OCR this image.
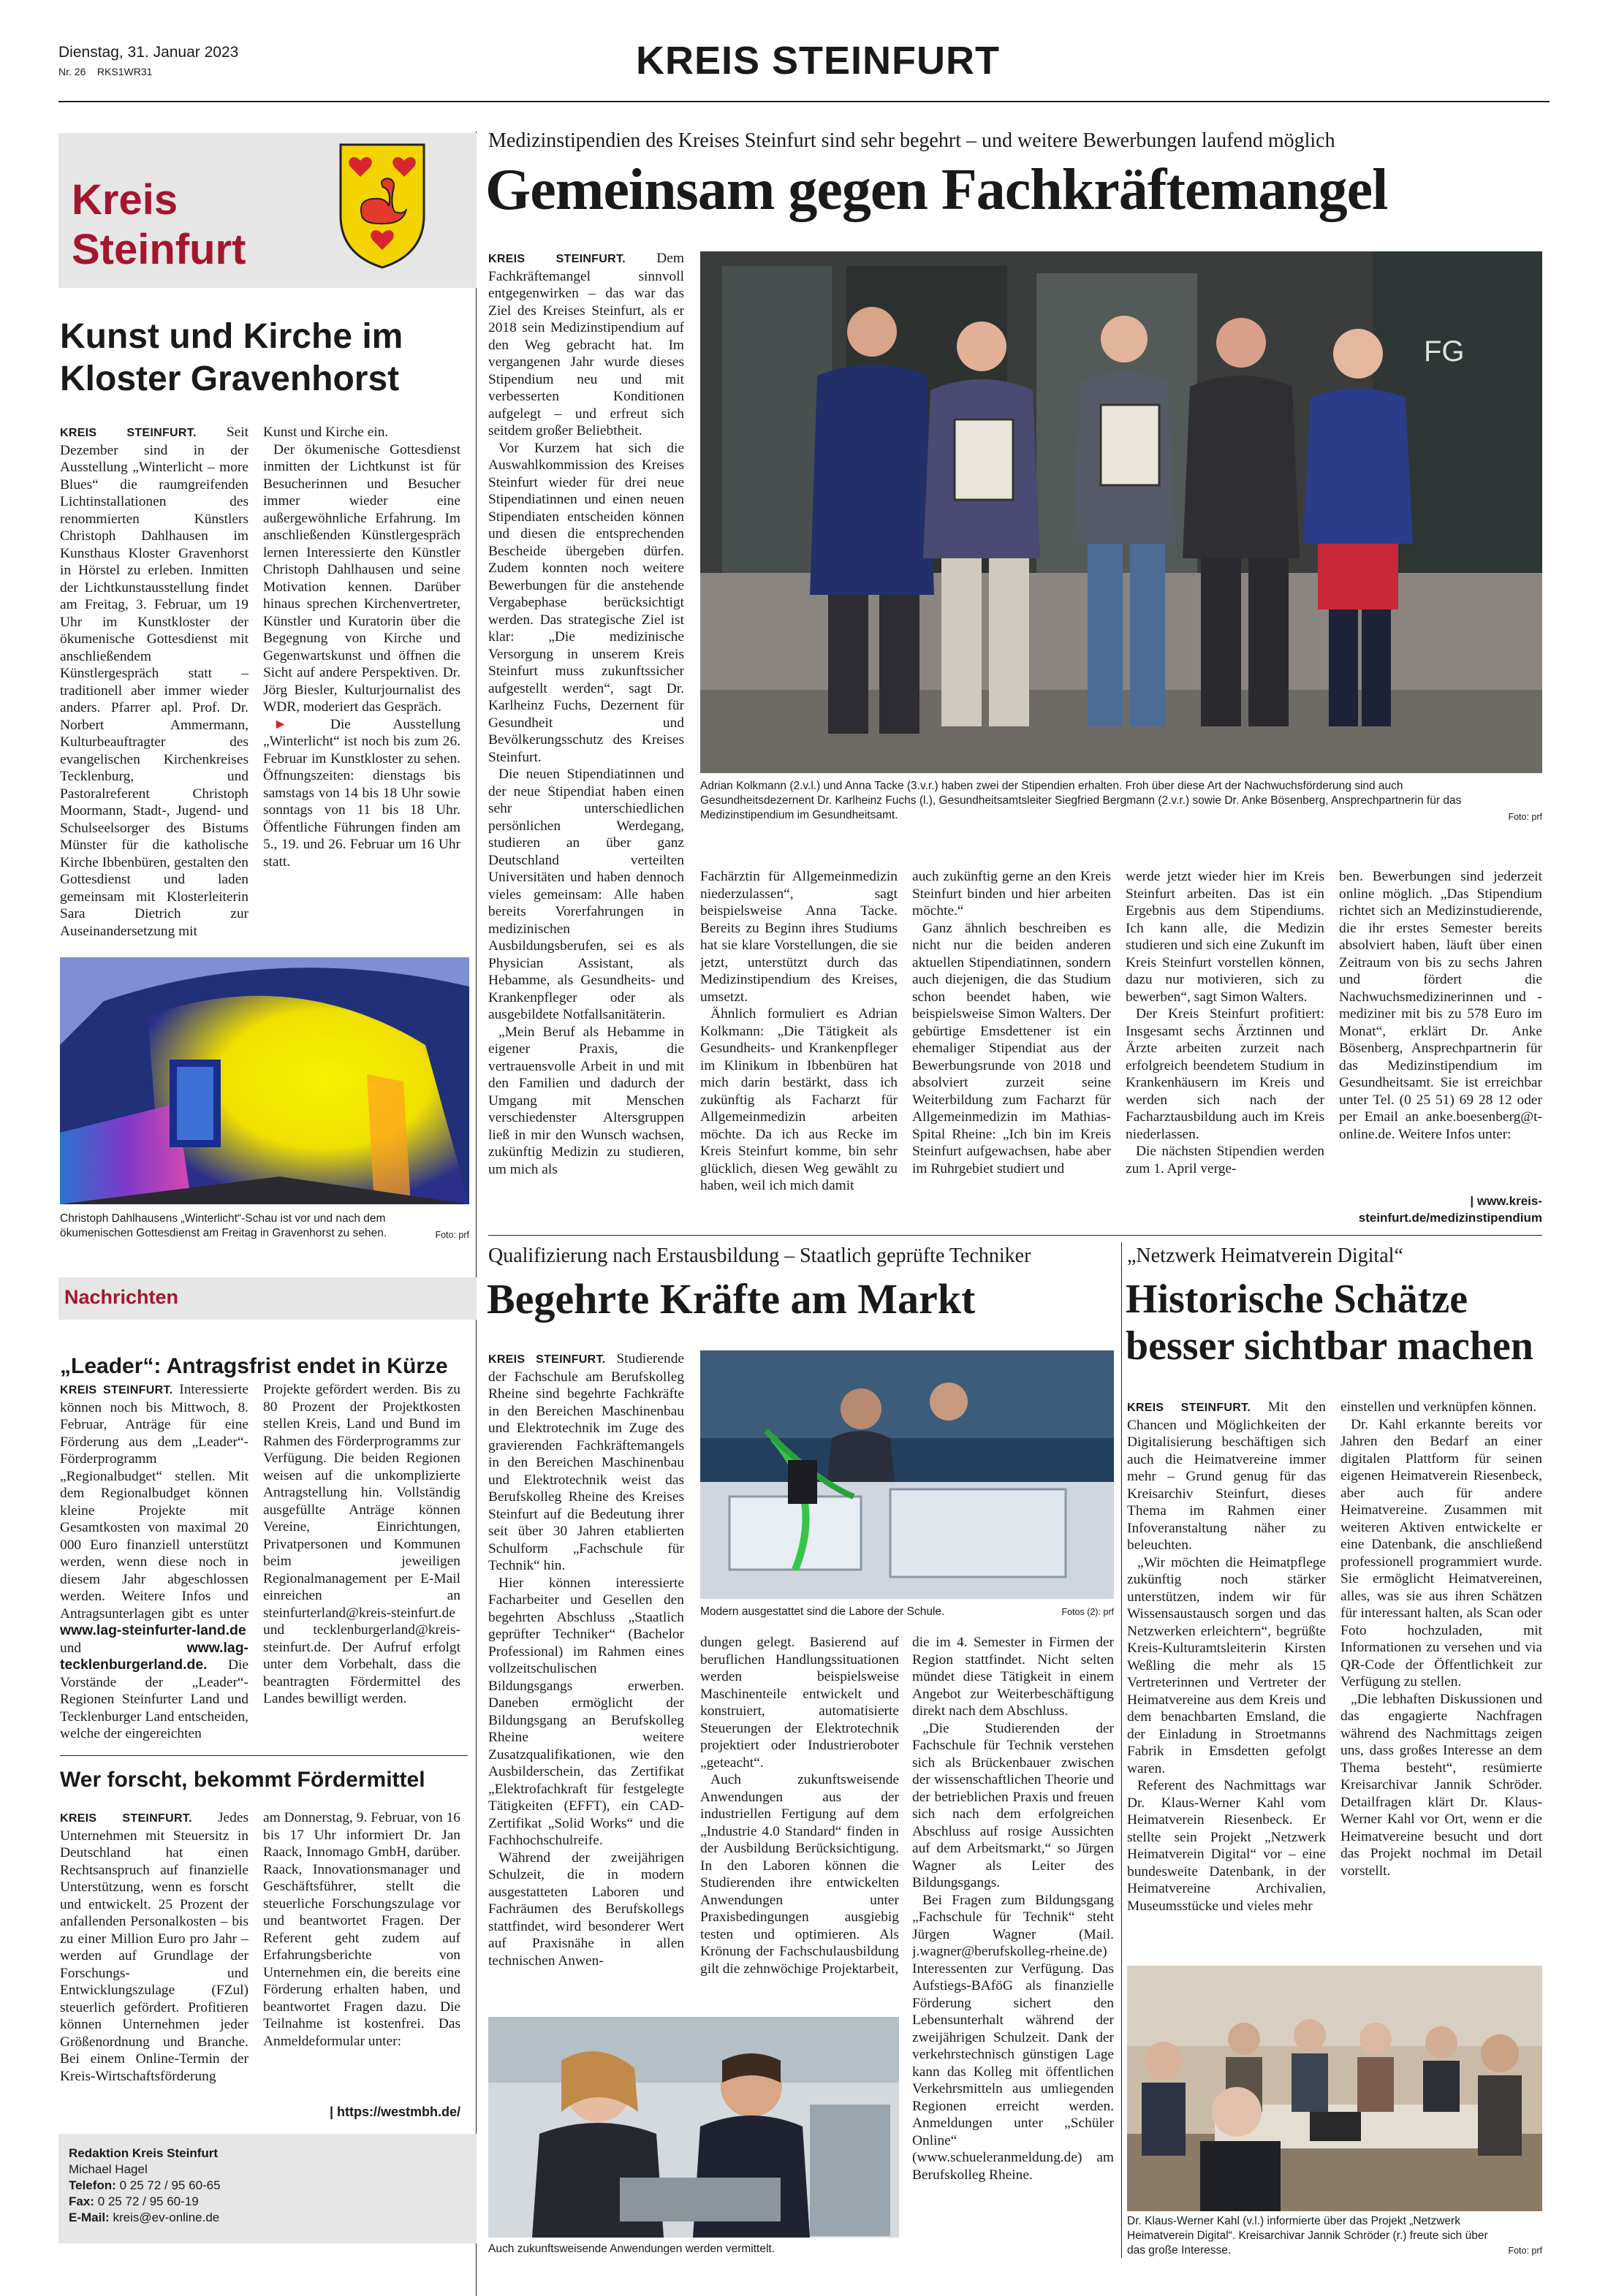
Dienstag, 31. Januar 2023
Nr. 26 RKS1WR31	KREIS STEINFURT
Kreis
Steinfurt
Kunst und Kirche im
Kloster Gravenhorst

KREIS STEINFURT. Seit Dezember sind in der Ausstellung „Winterlicht – more Blues“ die raumgreifenden Lichtinstallationen des renommierten Künstlers Christoph Dahlhausen im Kunsthaus Kloster Gravenhorst in Hörstel zu erleben. Inmitten der Lichtkunstausstellung findet am Freitag, 3. Februar, um 19 Uhr im Kunstkloster der ökumenische Gottesdienst mit anschließendem Künstlergespräch statt – traditionell aber immer wieder anders. Pfarrer apl. Prof. Dr. Norbert Ammermann, Kulturbeauftragter des evangelischen Kirchenkreises Tecklenburg, und Pastoralreferent Christoph Moormann, Stadt-, Jugend- und Schulseelsorger des Bistums Münster für die katholische Kirche Ibbenbüren, gestalten den Gottesdienst und laden gemeinsam mit Klosterleiterin Sara Dietrich zur Auseinandersetzung mit

Kunst und Kirche ein.

Der ökumenische Gottesdienst inmitten der Lichtkunst ist für Besucherinnen und Besucher immer wieder eine außergewöhnliche Erfahrung. Im anschließenden Künstlergespräch lernen Interessierte den Künstler Christoph Dahlhausen und seine Motivation kennen. Darüber hinaus sprechen Kirchenvertreter, Künstler und Kuratorin über die Begegnung von Kirche und Gegenwartskunst und öffnen die Sicht auf andere Perspektiven. Dr. Jörg Biesler, Kulturjournalist des WDR, moderiert das Gespräch.

►	Die Ausstellung „Winterlicht“ ist noch bis zum 26. Februar im Kunstkloster zu sehen. Öffnungszeiten: dienstags bis samstags von 14 bis 18 Uhr sowie sonntags von 11 bis 18 Uhr. Öffentliche Führungen finden am 5., 19. und 26. Februar um 16 Uhr statt.

Foto: prf
Christoph Dahlhausens „Winterlicht“-Schau ist vor und nach dem ökumenischen Gottesdienst am Freitag in Gravenhorst zu sehen.
Nachrichten
„Leader“: Antragsfrist endet in Kürze

KREIS STEINFURT. Interessierte können noch bis Mittwoch, 8. Februar, Anträge für eine Förderung aus dem „Leader“-Förderprogramm „Regionalbudget“ stellen. Mit dem Regionalbudget können kleine Projekte mit Gesamtkosten von maximal 20 000 Euro finanziell unterstützt werden, wenn diese noch in diesem Jahr abgeschlossen werden. Weitere Infos und Antragsunterlagen gibt es unter www.lag-steinfurter-land.de und	www.lag-tecklenburgerland.de. Die Vorstände der „Leader“-Regionen Steinfurter Land und Tecklenburger Land entscheiden, welche der eingereichten

Projekte gefördert werden. Bis zu 80 Prozent der Projektkosten stellen Kreis, Land und Bund im Rahmen des Förderprogramms zur Verfügung. Die beiden Regionen weisen auf die unkomplizierte Antragstellung hin. Vollständig ausgefüllte Anträge können Vereine, Einrichtungen, Privatpersonen und Kommunen beim jeweiligen Regionalmanagement per E-Mail einreichen an steinfurterland@kreis-steinfurt.de und tecklenburgerland@kreis-steinfurt.de. Der Aufruf erfolgt unter dem Vorbehalt, dass die beantragten Fördermittel des Landes bewilligt werden.

Wer forscht, bekommt Fördermittel

KREIS STEINFURT. Jedes Unternehmen mit Steuersitz in Deutschland hat einen Rechtsanspruch auf finanzielle Unterstützung, wenn es forscht und entwickelt. 25 Prozent der anfallenden Personalkosten – bis zu einer Million Euro pro Jahr – werden auf Grundlage der Forschungs- und Entwicklungszulage (FZul) steuerlich gefördert. Profitieren können Unternehmen jeder Größenordnung und Branche. Bei einem Online-Termin der Kreis-Wirtschaftsförderung

am Donnerstag, 9. Februar, von 16 bis 17 Uhr informiert Dr. Jan Raack, Innomago GmbH, darüber. Raack, Innovationsmanager und Geschäftsführer, stellt die steuerliche Forschungszulage vor und beantwortet Fragen. Der Referent geht zudem auf Erfahrungsberichte von Unternehmen ein, die bereits eine Förderung erhalten haben, und beantwortet Fragen dazu. Die Teilnahme ist kostenfrei. Das Anmeldeformular unter:

| https://westmbh.de/
Redaktion Kreis Steinfurt
Michael Hagel
Telefon: 0 25 72 / 95 60-65
Fax: 0 25 72 / 95 60-19
E-Mail: kreis@ev-online.de
Medizinstipendien des Kreises Steinfurt sind sehr begehrt – und weitere Bewerbungen laufend möglich
Gemeinsam gegen Fachkräftemangel

KREIS STEINFURT. Dem Fachkräftemangel sinnvoll entgegenwirken – das war das Ziel des Kreises Steinfurt, als er 2018 sein Medizinstipendium auf den Weg gebracht hat. Im vergangenen Jahr wurde dieses Stipendium neu und mit verbesserten Konditionen aufgelegt – und erfreut sich seitdem großer Beliebtheit.

Vor Kurzem hat sich die Auswahlkommission des Kreises Steinfurt wieder für drei neue Stipendiatinnen und einen neuen Stipendiaten entscheiden können und diesen die entsprechenden Bescheide übergeben dürfen. Zudem konnten noch weitere Bewerbungen für die anstehende Vergabephase berücksichtigt werden. Das strategische Ziel ist klar: „Die medizinische Versorgung in unserem Kreis Steinfurt muss zukunftssicher aufgestellt werden“, sagt Dr. Karlheinz Fuchs, Dezernent für Gesundheit und Bevölkerungsschutz des Kreises Steinfurt.

Die neuen Stipendiatinnen und der neue Stipendiat haben einen sehr unterschiedlichen persönlichen Werdegang, studieren an über ganz Deutschland verteilten Universitäten und haben dennoch vieles gemeinsam: Alle haben bereits Vorerfahrungen in medizinischen Ausbildungsberufen, sei es als Physician Assistant, als Hebamme, als Gesundheits- und Krankenpfleger oder als ausgebildete Notfallsanitäterin.

„Mein Beruf als Hebamme in eigener Praxis, die vertrauensvolle Arbeit in und mit den Familien und dadurch der Umgang mit Menschen verschiedenster Altersgruppen ließ in mir den Wunsch wachsen, zukünftig Medizin zu studieren, um mich als

FG
Foto: prf
Adrian Kolkmann (2.v.l.) und Anna Tacke (3.v.r.) haben zwei der Stipendien erhalten. Froh über diese Art der Nachwuchsförderung sind auch Gesundheitsdezernent Dr. Karlheinz Fuchs (l.), Gesundheitsamtsleiter Siegfried Bergmann (2.v.r.) sowie Dr. Anke Bösenberg, Ansprechpartnerin für das Medizinstipendium im Gesundheitsamt.

Fachärztin für Allgemeinmedizin niederzulassen“, sagt beispielsweise Anna Tacke. Bereits zu Beginn ihres Studiums hat sie klare Vorstellungen, die sie jetzt, unterstützt durch das Medizinstipendium des Kreises, umsetzt.

Ähnlich formuliert es Adrian Kolkmann: „Die Tätigkeit als Gesundheits- und Krankenpfleger im Klinikum in Ibbenbüren hat mich darin bestärkt, dass ich zukünftig als Facharzt für Allgemeinmedizin arbeiten möchte. Da ich aus Recke im Kreis Steinfurt komme, bin sehr glücklich, diesen Weg gewählt zu haben, weil ich mich damit

auch zukünftig gerne an den Kreis Steinfurt binden und hier arbeiten möchte.“

Ganz ähnlich beschreiben es nicht nur die beiden anderen aktuellen Stipendiatinnen, sondern auch diejenigen, die das Studium schon beendet haben, wie beispielsweise Simon Walters. Der gebürtige Emsdettener ist ein ehemaliger Stipendiat aus der Bewerbungsrunde von 2018 und absolviert zurzeit seine Weiterbildung zum Facharzt für Allgemeinmedizin im Mathias-Spital Rheine: „Ich bin im Kreis Steinfurt aufgewachsen, habe aber im Ruhrgebiet studiert und

werde jetzt wieder hier im Kreis Steinfurt arbeiten. Das ist ein Ergebnis aus dem Stipendiums. Ich kann alle, die Medizin studieren und sich eine Zukunft im Kreis Steinfurt vorstellen können, dazu nur motivieren, sich zu bewerben“, sagt Simon Walters.

Der Kreis Steinfurt profitiert: Insgesamt sechs Ärztinnen und Ärzte arbeiten zurzeit nach erfolgreich beendetem Studium in Krankenhäusern im Kreis und werden sich nach der Facharztausbildung auch im Kreis niederlassen.

Die nächsten Stipendien werden zum 1. April verge-

ben. Bewerbungen sind jederzeit online möglich. „Das Stipendium richtet sich an Medizinstudierende, die ihr erstes Semester bereits absolviert haben, läuft über einen Zeitraum von bis zu sechs Jahren und fördert die Nachwuchsmedizinerinnen und -mediziner mit bis zu 578 Euro im Monat“, erklärt Dr. Anke Bösenberg, Ansprechpartnerin für das Medizinstipendium im Gesundheitsamt. Sie ist erreichbar unter Tel. (0 25 51) 69 28 12 oder per Email an anke.boesenberg@t-online.de. Weitere Infos unter:

| www.kreis-
steinfurt.de/medizinstipendium
Qualifizierung nach Erstausbildung – Staatlich geprüfte Techniker
Begehrte Kräfte am Markt

KREIS STEINFURT. Studierende der Fachschule am Berufskolleg Rheine sind begehrte Fachkräfte in den Bereichen Maschinenbau und Elektrotechnik im Zuge des gravierenden Fachkräftemangels in den Bereichen Maschinenbau und Elektrotechnik weist das Berufskolleg Rheine des Kreises Steinfurt auf die Bedeutung ihrer seit über 30 Jahren etablierten Schulform „Fachschule für Technik“ hin.

Hier können interessierte Facharbeiter und Gesellen den begehrten Abschluss „Staatlich geprüfter Techniker“ (Bachelor Professional) im Rahmen eines vollzeitschulischen Bildungsgangs erwerben. Daneben ermöglicht der Bildungsgang an Berufskolleg Rheine weitere Zusatzqualifikationen, wie den Ausbilderschein, das Zertifikat „Elektrofachkraft für festgelegte Tätigkeiten (EFFT), ein CAD-Zertifikat „Solid Works“ und die Fachhochschulreife.

Während der zweijährigen Schulzeit, die in modern ausgestatteten Laboren und Fachräumen des Berufskollegs stattfindet, wird besonderer Wert auf Praxisnähe in allen technischen Anwen-

Fotos (2): prf
Modern ausgestattet sind die Labore der Schule.

dungen gelegt. Basierend auf beruflichen Handlungssituationen werden beispielsweise Maschinenteile entwickelt und konstruiert, automatisierte Steuerungen der Elektrotechnik projektiert oder Industrieroboter „geteacht“.

Auch zukunftsweisende Anwendungen aus der industriellen Fertigung auf dem „Industrie 4.0 Standard“ finden in der Ausbildung Berücksichtigung. In den Laboren können die Studierenden ihre entwickelten Anwendungen unter Praxisbedingungen ausgiebig testen und optimieren. Als Krönung der Fachschulausbildung gilt die zehnwöchige Projektarbeit,

die im 4. Semester in Firmen der Region stattfindet. Nicht selten mündet diese Tätigkeit in einem Angebot zur Weiterbeschäftigung direkt nach dem Abschluss.

„Die Studierenden der Fachschule für Technik verstehen sich als Brückenbauer zwischen der wissenschaftlichen Theorie und der betrieblichen Praxis und freuen sich nach dem erfolgreichen Abschluss auf rosige Aussichten auf dem Arbeitsmarkt,“ so Jürgen Wagner als Leiter des Bildungsgangs.

Bei Fragen zum Bildungsgang „Fachschule für Technik“ steht Jürgen Wagner (Mail. j.wagner@berufskolleg-rheine.de) Interessenten zur Verfügung. Das Aufstiegs-BAföG als finanzielle Förderung sichert den Lebensunterhalt während der zweijährigen Schulzeit. Dank der verkehrstechnisch günstigen Lage kann das Kolleg mit öffentlichen Verkehrsmitteln aus umliegenden Regionen erreicht werden. Anmeldungen unter „Schüler Online“ (www.schueleranmeldung.de) am Berufskolleg Rheine.

Auch zukunftsweisende Anwendungen werden vermittelt.
„Netzwerk Heimatverein Digital“
Historische Schätze
besser sichtbar machen

KREIS STEINFURT. Mit den Chancen und Möglichkeiten der Digitalisierung beschäftigen sich auch die Heimatvereine immer mehr – Grund genug für das Kreisarchiv Steinfurt, dieses Thema im Rahmen einer Infoveranstaltung näher zu beleuchten.

„Wir möchten die Heimatpflege zukünftig noch stärker unterstützen, indem wir für Wissensaustausch sorgen und das Netzwerken erleichtern“, begrüßte Kreis-Kulturamtsleiterin Kirsten Weßling die mehr als 15 Vertreterinnen und Vertreter der Heimatvereine aus dem Kreis und dem benachbarten Emsland, die der Einladung in Stroetmanns Fabrik in Emsdetten gefolgt waren.

Referent des Nachmittags war Dr. Klaus-Werner Kahl vom Heimatverein Riesenbeck. Er stellte sein Projekt „Netzwerk Heimatverein Digital“ vor – eine bundesweite Datenbank, in der Heimatvereine Archivalien, Museumsstücke und vieles mehr

einstellen und verknüpfen können.

Dr. Kahl erkannte bereits vor Jahren den Bedarf an einer digitalen Plattform für seinen eigenen Heimatverein Riesenbeck, aber auch für andere Heimatvereine. Zusammen mit weiteren Aktiven entwickelte er eine Datenbank, die anschließend professionell programmiert wurde. Sie ermöglicht Heimatvereinen, alles, was sie aus ihren Schätzen für interessant halten, als Scan oder Foto hochzuladen, mit Informationen zu versehen und via QR-Code der Öffentlichkeit zur Verfügung zu stellen.

„Die lebhaften Diskussionen und das engagierte Nachfragen während des Nachmittags zeigen uns, dass großes Interesse an dem Thema besteht“, resümierte Kreisarchivar Jannik Schröder. Detailfragen klärt Dr. Klaus-Werner Kahl vor Ort, wenn er die Heimatvereine besucht und dort das Projekt nochmal im Detail vorstellt.

Foto: prf
Dr. Klaus-Werner Kahl (v.l.) informierte über das Projekt „Netzwerk Heimatverein Digital“. Kreisarchivar Jannik Schröder (r.) freute sich über das große Interesse.
